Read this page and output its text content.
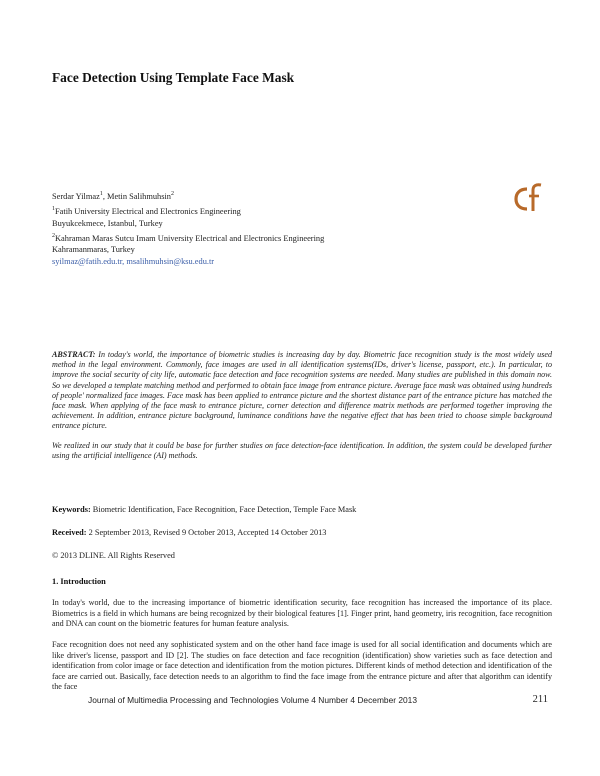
Face Detection Using Template Face Mask
Serdar Yilmaz$^1$, Metin Salihmuhsin$^2$
$^1$Fatih University Electrical and Electronics Engineering
Buyukcekmece, Istanbul, Turkey
$^2$Kahraman Maras Sutcu Imam University Electrical and Electronics Engineering
Kahramanmaras, Turkey
syilmaz@fatih.edu.tr, msalihmuhsin@ksu.edu.tr

ABSTRACT: In today's world, the importance of biometric studies is increasing day by day. Biometric face recognition study is the most widely used method in the legal environment. Commonly, face images are used in all identification systems(IDs, driver's license, passport, etc.). In particular, to improve the social security of city life, automatic face detection and face recognition systems are needed. Many studies are published in this domain now. So we developed a template matching method and performed to obtain face image from entrance picture. Average face mask was obtained using hundreds of people' normalized face images. Face mask has been applied to entrance picture and the shortest distance part of the entrance picture has matched the face mask. When applying of the face mask to entrance picture, corner detection and difference matrix methods are performed together improving the achievement. In addition, entrance picture background, luminance conditions have the negative effect that has been tried to choose simple background entrance picture.

We realized in our study that it could be base for further studies on face detection-face identification. In addition, the system could be developed further using the artificial intelligence (AI) methods.

Keywords: Biometric Identification, Face Recognition, Face Detection, Temple Face Mask
Received: 2 September 2013, Revised 9 October 2013, Accepted 14 October 2013
© 2013 DLINE. All Rights Reserved
1. Introduction
In today's world, due to the increasing importance of biometric identification security, face recognition has increased the importance of its place. Biometrics is a field in which humans are being recognized by their biological features [1]. Finger print, hand geometry, iris recognition, face recognition and DNA can count on the biometric features for human feature analysis.
Face recognition does not need any sophisticated system and on the other hand face image is used for all social identification and documents which are like driver's license, passport and ID [2]. The studies on face detection and face recognition (identification) show varieties such as face detection and identification from color image or face detection and identification from the motion pictures. Different kinds of method detection and identification of the face are carried out. Basically, face detection needs to an algorithm to find the face image from the entrance picture and after that algorithm can identify the face
Journal of Multimedia Processing and Technologies Volume 4 Number 4 December 2013	211
